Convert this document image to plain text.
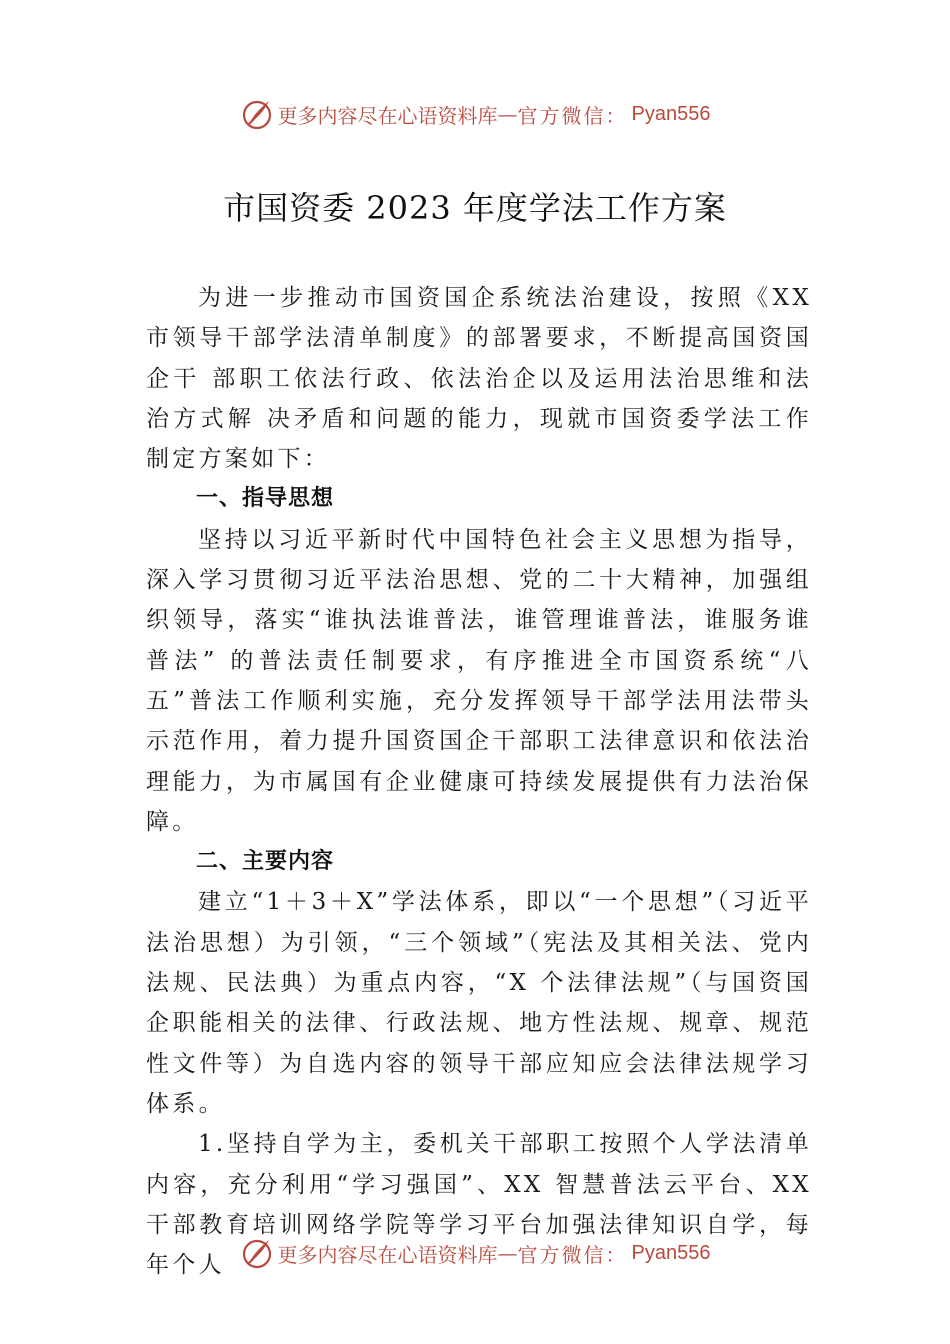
更多内容尽在心语资料库 — 官方微信： Pyan556
市国资委 2023 年度学法工作方案

为进一步推动市国资国企系统法治建设，按照《XX 市领导干部学法清单制度》的部署要求，不断提高国资国企干 部职工依法行政、依法治企以及运用法治思维和法治方式解 决矛盾和问题的能力，现就市国资委学法工作制定方案如下：

一、指导思想

坚持以习近平新时代中国特色社会主义思想为指导，深入学习贯彻习近平法治思想、党的二十大精神，加强组织领导，落实“谁执法谁普法，谁管理谁普法，谁服务谁普法” 的普法责任制要求，有序推进全市国资系统“八五”普法工作顺利实施，充分发挥领导干部学法用法带头示范作用，着力提升国资国企干部职工法律意识和依法治理能力，为市属国有企业健康可持续发展提供有力法治保障。

二、主要内容

建立“1＋3＋X”学法体系，即以“一个思想”（习近平法治思想）为引领，“三个领域”（宪法及其相关法、党内法规、民法典）为重点内容，“X 个法律法规”（与国资国企职能相关的法律、行政法规、地方性法规、规章、规范性文件等）为自选内容的领导干部应知应会法律法规学习体系。

1.坚持自学为主，委机关干部职工按照个人学法清单内容，充分利用“学习强国”、XX 智慧普法云平台、XX 干部教育培训网络学院等学习平台加强法律知识自学，每年个人	更多内容尽在心语资料库 — 官方微信： Pyan556
